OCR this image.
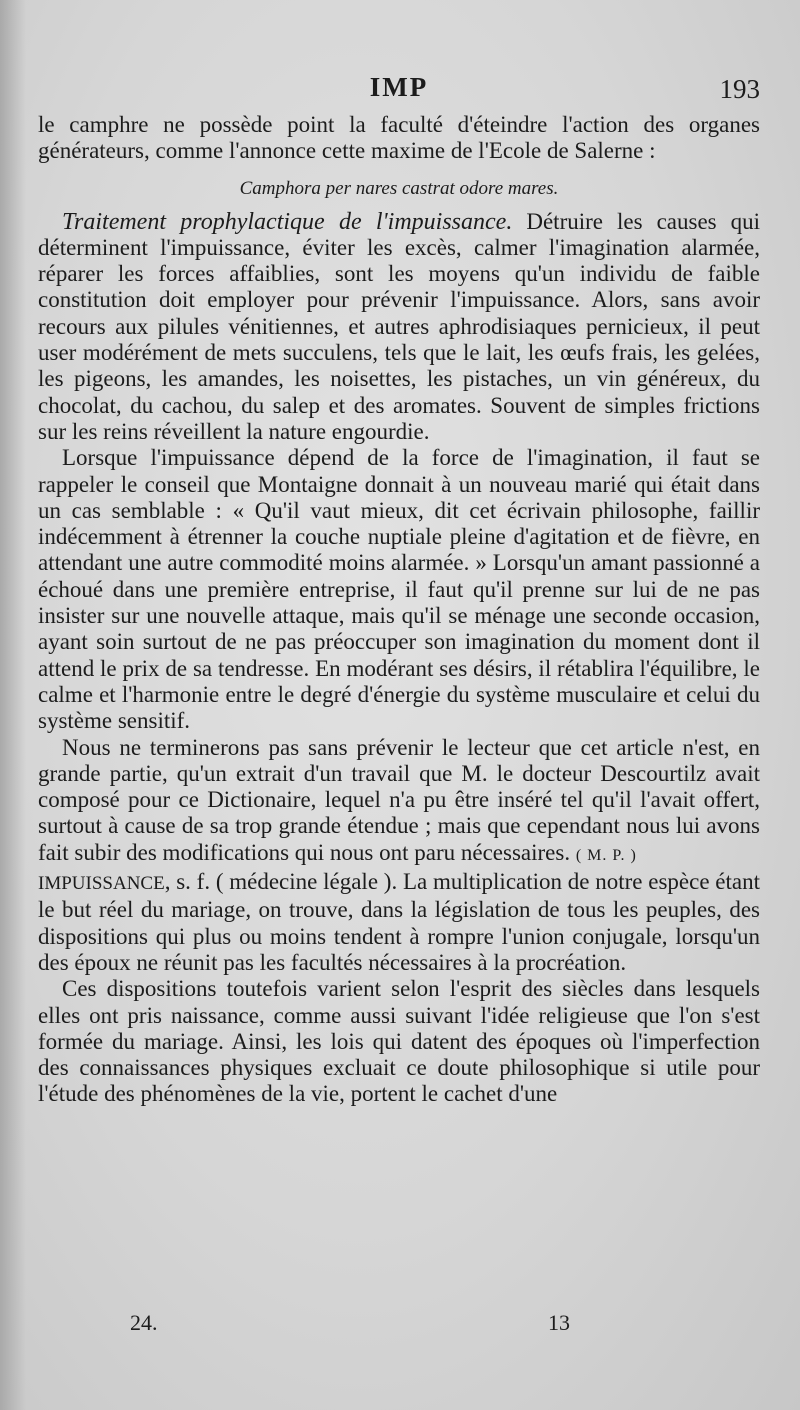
IMP	193

le camphre ne possède point la faculté d'éteindre l'action des organes générateurs, comme l'annonce cette maxime de l'Ecole de Salerne :

Camphora per nares castrat odore mares.

Traitement prophylactique de l'impuissance. Détruire les causes qui déterminent l'impuissance, éviter les excès, calmer l'imagination alarmée, réparer les forces affaiblies, sont les moyens qu'un individu de faible constitution doit employer pour prévenir l'impuissance. Alors, sans avoir recours aux pilules vénitiennes, et autres aphrodisiaques pernicieux, il peut user modérément de mets succulens, tels que le lait, les œufs frais, les gelées, les pigeons, les amandes, les noisettes, les pistaches, un vin généreux, du chocolat, du cachou, du salep et des aromates. Souvent de simples frictions sur les reins réveillent la nature engourdie.

Lorsque l'impuissance dépend de la force de l'imagination, il faut se rappeler le conseil que Montaigne donnait à un nouveau marié qui était dans un cas semblable : « Qu'il vaut mieux, dit cet écrivain philosophe, faillir indécemment à étrenner la couche nuptiale pleine d'agitation et de fièvre, en attendant une autre commodité moins alarmée. » Lorsqu'un amant passionné a échoué dans une première entreprise, il faut qu'il prenne sur lui de ne pas insister sur une nouvelle attaque, mais qu'il se ménage une seconde occasion, ayant soin surtout de ne pas préoccuper son imagination du moment dont il attend le prix de sa tendresse. En modérant ses désirs, il rétablira l'équilibre, le calme et l'harmonie entre le degré d'énergie du système musculaire et celui du système sensitif.

Nous ne terminerons pas sans prévenir le lecteur que cet article n'est, en grande partie, qu'un extrait d'un travail que M. le docteur Descourtilz avait composé pour ce Dictionaire, lequel n'a pu être inséré tel qu'il l'avait offert, surtout à cause de sa trop grande étendue ; mais que cependant nous lui avons fait subir des modifications qui nous ont paru nécessaires. ( M. P. )

IMPUISSANCE, s. f. ( médecine légale ). La multiplication de notre espèce étant le but réel du mariage, on trouve, dans la législation de tous les peuples, des dispositions qui plus ou moins tendent à rompre l'union conjugale, lorsqu'un des époux ne réunit pas les facultés nécessaires à la procréation.

Ces dispositions toutefois varient selon l'esprit des siècles dans lesquels elles ont pris naissance, comme aussi suivant l'idée religieuse que l'on s'est formée du mariage. Ainsi, les lois qui datent des époques où l'imperfection des connaissances physiques excluait ce doute philosophique si utile pour l'étude des phénomènes de la vie, portent le cachet d'une

24.	13
